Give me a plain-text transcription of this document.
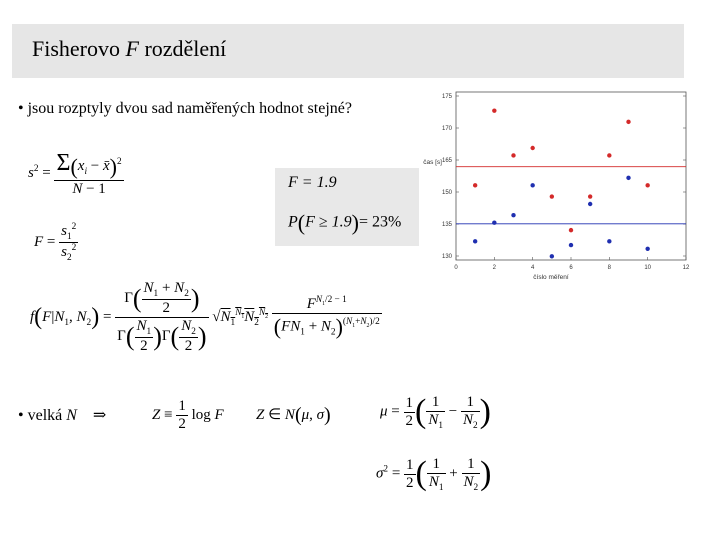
Fisherovo F rozdělení
• jsou rozptyly dvou sad naměřených hodnot stejné?
$s^2 = \frac{\Sigma(x_i - x̄)^2}{N - 1}$
$F = \frac{s_1^2}{s_2^2}$
F = 1.9
P(F ≥ 1.9)= 23%
$f(F|N_1$, $N_2) = \frac{\Gamma( \frac{N_1 + N_2}{2} )}{\Gamma( \frac{N_1}{2} )\Gamma( \frac{N_2}{2} )} √N_1^{N_1}N_2^{N_2} \frac{F^{N_1/2 - 1}}{(FN_1 + N_2)^{(N_1+N_2)/2}}$
• velká N ⇒	$Z \equiv \frac{1}{2}$ log F Z ∈ N(μ, σ)	$\mu = \frac{1}{2}$ ( $\frac{1}{N_1} - \frac{1}{N_2}$ )
$\sigma^2 = \frac{1}{2}$ ( $\frac{1}{N_1} + \frac{1}{N_2}$ )
0	2	4	6	8	10	12
175
170
165
150
135
130
číslo měření
čas [s]
